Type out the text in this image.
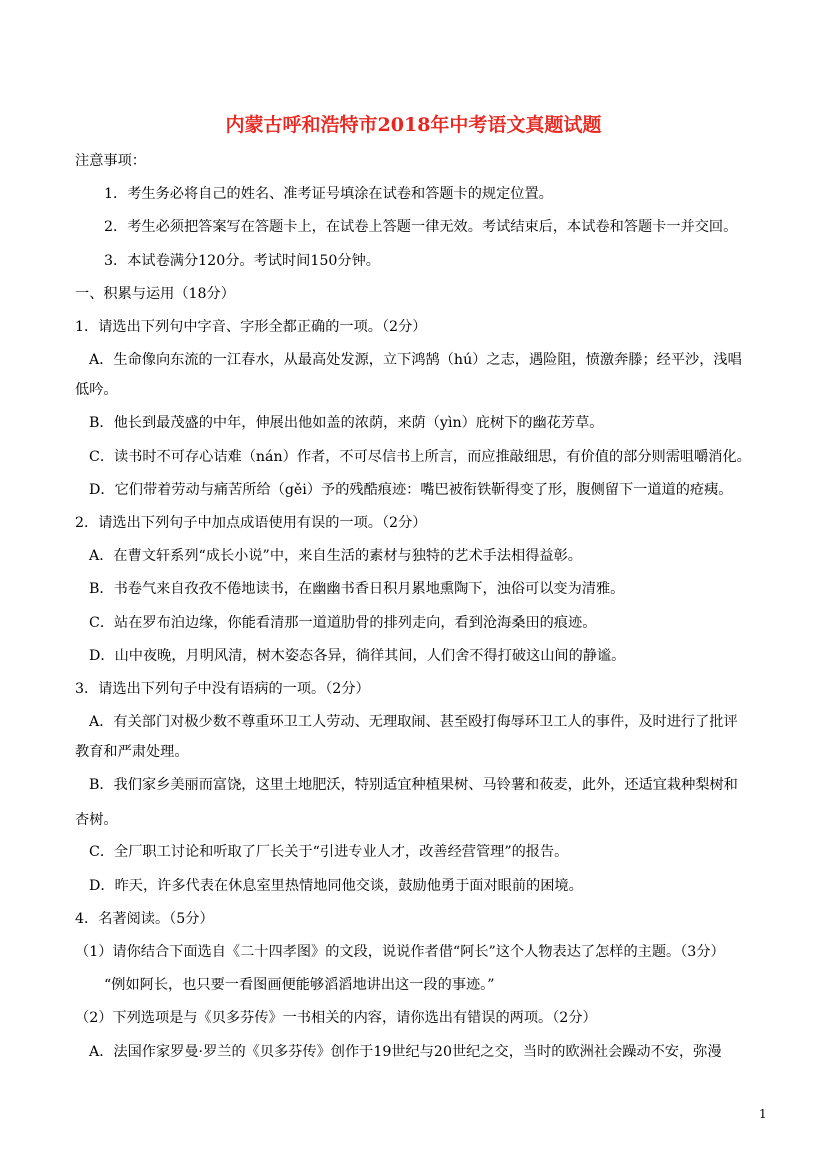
内蒙古呼和浩特市2018年中考语文真题试题
注意事项：
1．考生务必将自己的姓名、准考证号填涂在试卷和答题卡的规定位置。
2．考生必须把答案写在答题卡上，在试卷上答题一律无效。考试结束后，本试卷和答题卡一并交回。
3．本试卷满分120分。考试时间150分钟。
一、积累与运用（18分）
1．请选出下列句中字音、字形全都正确的一项。（2分）
A．生命像向东流的一江春水，从最高处发源，立下鸿鹄（hú）之志，遇险阻，愤激奔滕；经平沙，浅唱
低吟。
B．他长到最茂盛的中年，伸展出他如盖的浓荫，来荫（yìn）庇树下的幽花芳草。
C．读书时不可存心诘难（nán）作者，不可尽信书上所言，而应推敲细思，有价值的部分则需咀嚼消化。
D．它们带着劳动与痛苦所给（gěi）予的残酷痕迹：嘴巴被衔铁靳得变了形，腹侧留下一道道的疮痍。
2．请选出下列句子中加点成语使用有误的一项。（2分）
A．在曹文轩系列“成长小说”中，来自生活的素材与独特的艺术手法相得益彰。
B．书卷气来自孜孜不倦地读书，在幽幽书香日积月累地熏陶下，浊俗可以变为清雅。
C．站在罗布泊边缘，你能看清那一道道肋骨的排列走向，看到沧海桑田的痕迹。
D．山中夜晚，月明风清，树木姿态各异，徜徉其间，人们舍不得打破这山间的静谧。
3．请选出下列句子中没有语病的一项。（2分）
A．有关部门对极少数不尊重环卫工人劳动、无理取闹、甚至殴打侮辱环卫工人的事件，及时进行了批评
教育和严肃处理。
B．我们家乡美丽而富饶，这里土地肥沃，特别适宜种植果树、马铃薯和莜麦，此外，还适宜栽种梨树和
杏树。
C．全厂职工讨论和听取了厂长关于“引进专业人才，改善经营管理”的报告。
D．昨天，许多代表在休息室里热情地同他交谈，鼓励他勇于面对眼前的困境。
4．名著阅读。（5分）
（1）请你结合下面选自《二十四孝图》的文段，说说作者借“阿长”这个人物表达了怎样的主题。（3分）
“例如阿长，也只要一看图画便能够滔滔地讲出这一段的事迹。”
（2）下列选项是与《贝多芬传》一书相关的内容，请你选出有错误的两项。（2分）
A．法国作家罗曼·罗兰的《贝多芬传》创作于19世纪与20世纪之交，当时的欧洲社会躁动不安，弥漫
1
